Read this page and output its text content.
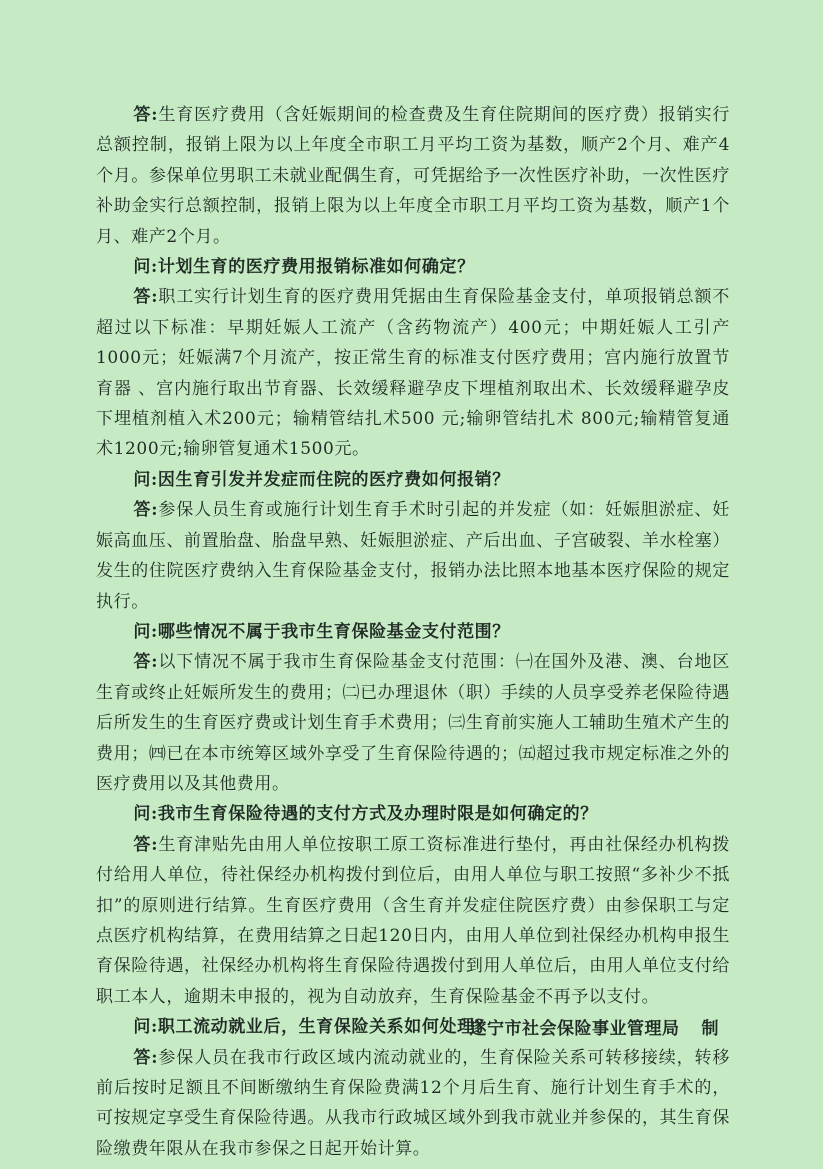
答:生育医疗费用（含妊娠期间的检查费及生育住院期间的医疗费）报销实行总额控制，报销上限为以上年度全市职工月平均工资为基数，顺产2个月、难产4个月。参保单位男职工未就业配偶生育，可凭据给予一次性医疗补助，一次性医疗补助金实行总额控制，报销上限为以上年度全市职工月平均工资为基数，顺产1个月、难产2个月。

问:计划生育的医疗费用报销标准如何确定？

答:职工实行计划生育的医疗费用凭据由生育保险基金支付，单项报销总额不超过以下标准：早期妊娠人工流产（含药物流产）400元；中期妊娠人工引产1000元；妊娠满7个月流产，按正常生育的标准支付医疗费用；宫内施行放置节育器 、宫内施行取出节育器、长效缓释避孕皮下埋植剂取出术、长效缓释避孕皮下埋植剂植入术200元；输精管结扎术500 元;输卵管结扎术 800元;输精管复通术1200元;输卵管复通术1500元。

问:因生育引发并发症而住院的医疗费如何报销？

答:参保人员生育或施行计划生育手术时引起的并发症（如：妊娠胆淤症、妊娠高血压、前置胎盘、胎盘早熟、妊娠胆淤症、产后出血、子宫破裂、羊水栓塞）发生的住院医疗费纳入生育保险基金支付，报销办法比照本地基本医疗保险的规定执行。

问:哪些情况不属于我市生育保险基金支付范围？

答:以下情况不属于我市生育保险基金支付范围：㈠在国外及港、澳、台地区生育或终止妊娠所发生的费用；㈡已办理退休（职）手续的人员享受养老保险待遇后所发生的生育医疗费或计划生育手术费用；㈢生育前实施人工辅助生殖术产生的费用；㈣已在本市统筹区域外享受了生育保险待遇的；㈤超过我市规定标准之外的医疗费用以及其他费用。

问:我市生育保险待遇的支付方式及办理时限是如何确定的？

答:生育津贴先由用人单位按职工原工资标准进行垫付，再由社保经办机构拨付给用人单位，待社保经办机构拨付到位后，由用人单位与职工按照“多补少不抵扣”的原则进行结算。生育医疗费用（含生育并发症住院医疗费）由参保职工与定点医疗机构结算，在费用结算之日起120日内，由用人单位到社保经办机构申报生育保险待遇，社保经办机构将生育保险待遇拨付到用人单位后，由用人单位支付给职工本人，逾期未申报的，视为自动放弃，生育保险基金不再予以支付。

问:职工流动就业后，生育保险关系如何处理？

答:参保人员在我市行政区域内流动就业的，生育保险关系可转移接续，转移前后按时足额且不间断缴纳生育保险费满12个月后生育、施行计划生育手术的，可按规定享受生育保险待遇。从我市行政城区域外到我市就业并参保的，其生育保险缴费年限从在我市参保之日起开始计算。

遂宁市社会保险事业管理局 制
